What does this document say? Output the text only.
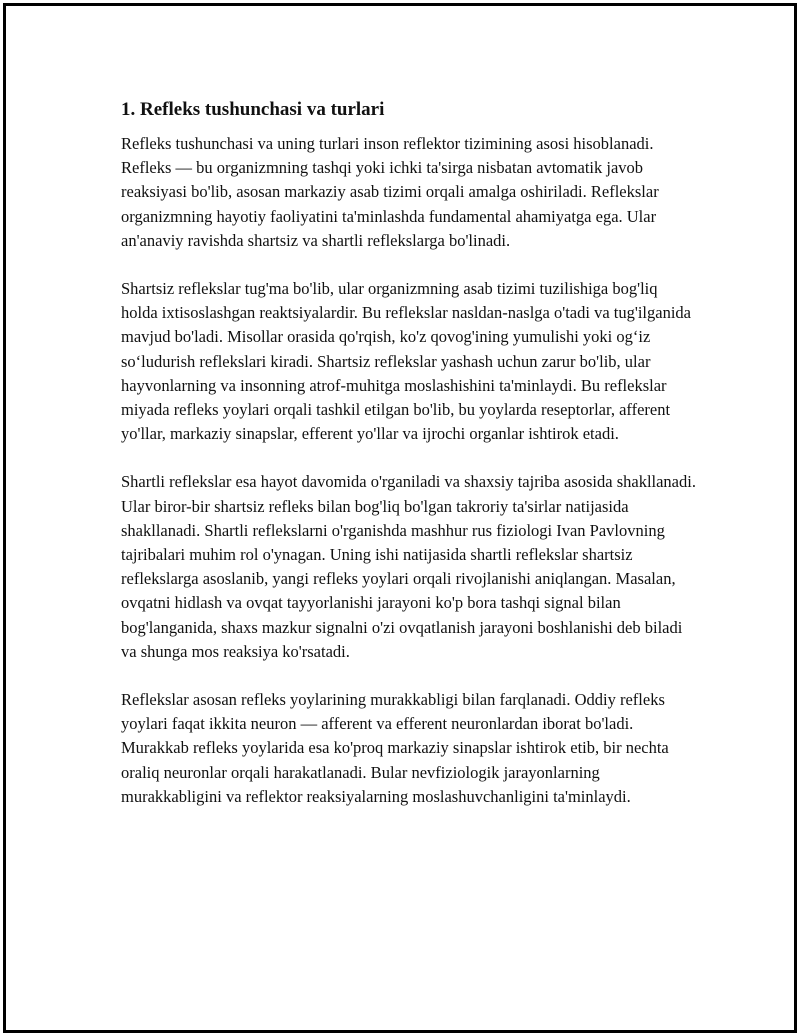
1. Refleks tushunchasi va turlari

Refleks tushunchasi va uning turlari inson reflektor tizimining asosi hisoblanadi. Refleks — bu organizmning tashqi yoki ichki ta'sirga nisbatan avtomatik javob reaksiyasi bo'lib, asosan markaziy asab tizimi orqali amalga oshiriladi. Reflekslar organizmning hayotiy faoliyatini ta'minlashda fundamental ahamiyatga ega. Ular an'anaviy ravishda shartsiz va shartli reflekslarga bo'linadi.

Shartsiz reflekslar tug'ma bo'lib, ular organizmning asab tizimi tuzilishiga bog'liq holda ixtisoslashgan reaktsiyalardir. Bu reflekslar nasldan-naslga o'tadi va tug'ilganida mavjud bo'ladi. Misollar orasida qo'rqish, ko'z qovog'ining yumulishi yoki og‘iz so‘ludurish reflekslari kiradi. Shartsiz reflekslar yashash uchun zarur bo'lib, ular hayvonlarning va insonning atrof-muhitga moslashishini ta'minlaydi. Bu reflekslar miyada refleks yoylari orqali tashkil etilgan bo'lib, bu yoylarda reseptorlar, afferent yo'llar, markaziy sinapslar, efferent yo'llar va ijrochi organlar ishtirok etadi.

Shartli reflekslar esa hayot davomida o'rganiladi va shaxsiy tajriba asosida shakllanadi. Ular biror-bir shartsiz refleks bilan bog'liq bo'lgan takroriy ta'sirlar natijasida shakllanadi. Shartli reflekslarni o'rganishda mashhur rus fiziologi Ivan Pavlovning tajribalari muhim rol o'ynagan. Uning ishi natijasida shartli reflekslar shartsiz reflekslarga asoslanib, yangi refleks yoylari orqali rivojlanishi aniqlangan. Masalan, ovqatni hidlash va ovqat tayyorlanishi jarayoni ko'p bora tashqi signal bilan bog'langanida, shaxs mazkur signalni o'zi ovqatlanish jarayoni boshlanishi deb biladi va shunga mos reaksiya ko'rsatadi.

Reflekslar asosan refleks yoylarining murakkabligi bilan farqlanadi. Oddiy refleks yoylari faqat ikkita neuron — afferent va efferent neuronlardan iborat bo'ladi. Murakkab refleks yoylarida esa ko'proq markaziy sinapslar ishtirok etib, bir nechta oraliq neuronlar orqali harakatlanadi. Bular nevfiziologik jarayonlarning murakkabligini va reflektor reaksiyalarning moslashuvchanligini ta'minlaydi.
